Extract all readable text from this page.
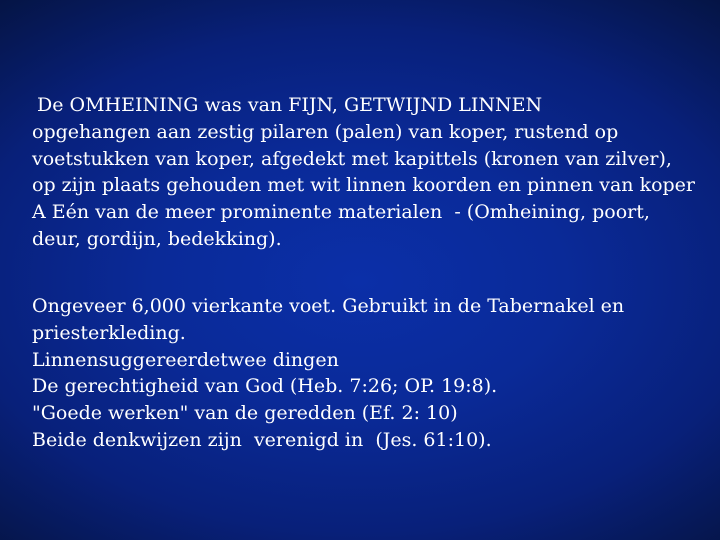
De OMHEINING was van FIJN, GETWIJND LINNEN
opgehangen aan zestig pilaren (palen) van koper, rustend op
voetstukken van koper, afgedekt met kapittels (kronen van zilver),
op zijn plaats gehouden met wit linnen koorden en pinnen van koper
A Eén van de meer prominente materialen  - (Omheining, poort,
deur, gordijn, bedekking).
Ongeveer 6,000 vierkante voet. Gebruikt in de Tabernakel en
priesterkleding.
Linnensuggereerdetwee dingen
De gerechtigheid van God (Heb. 7:26; OP. 19:8).
"Goede werken" van de geredden (Ef. 2: 10)
Beide denkwijzen zijn  verenigd in  (Jes. 61:10).
